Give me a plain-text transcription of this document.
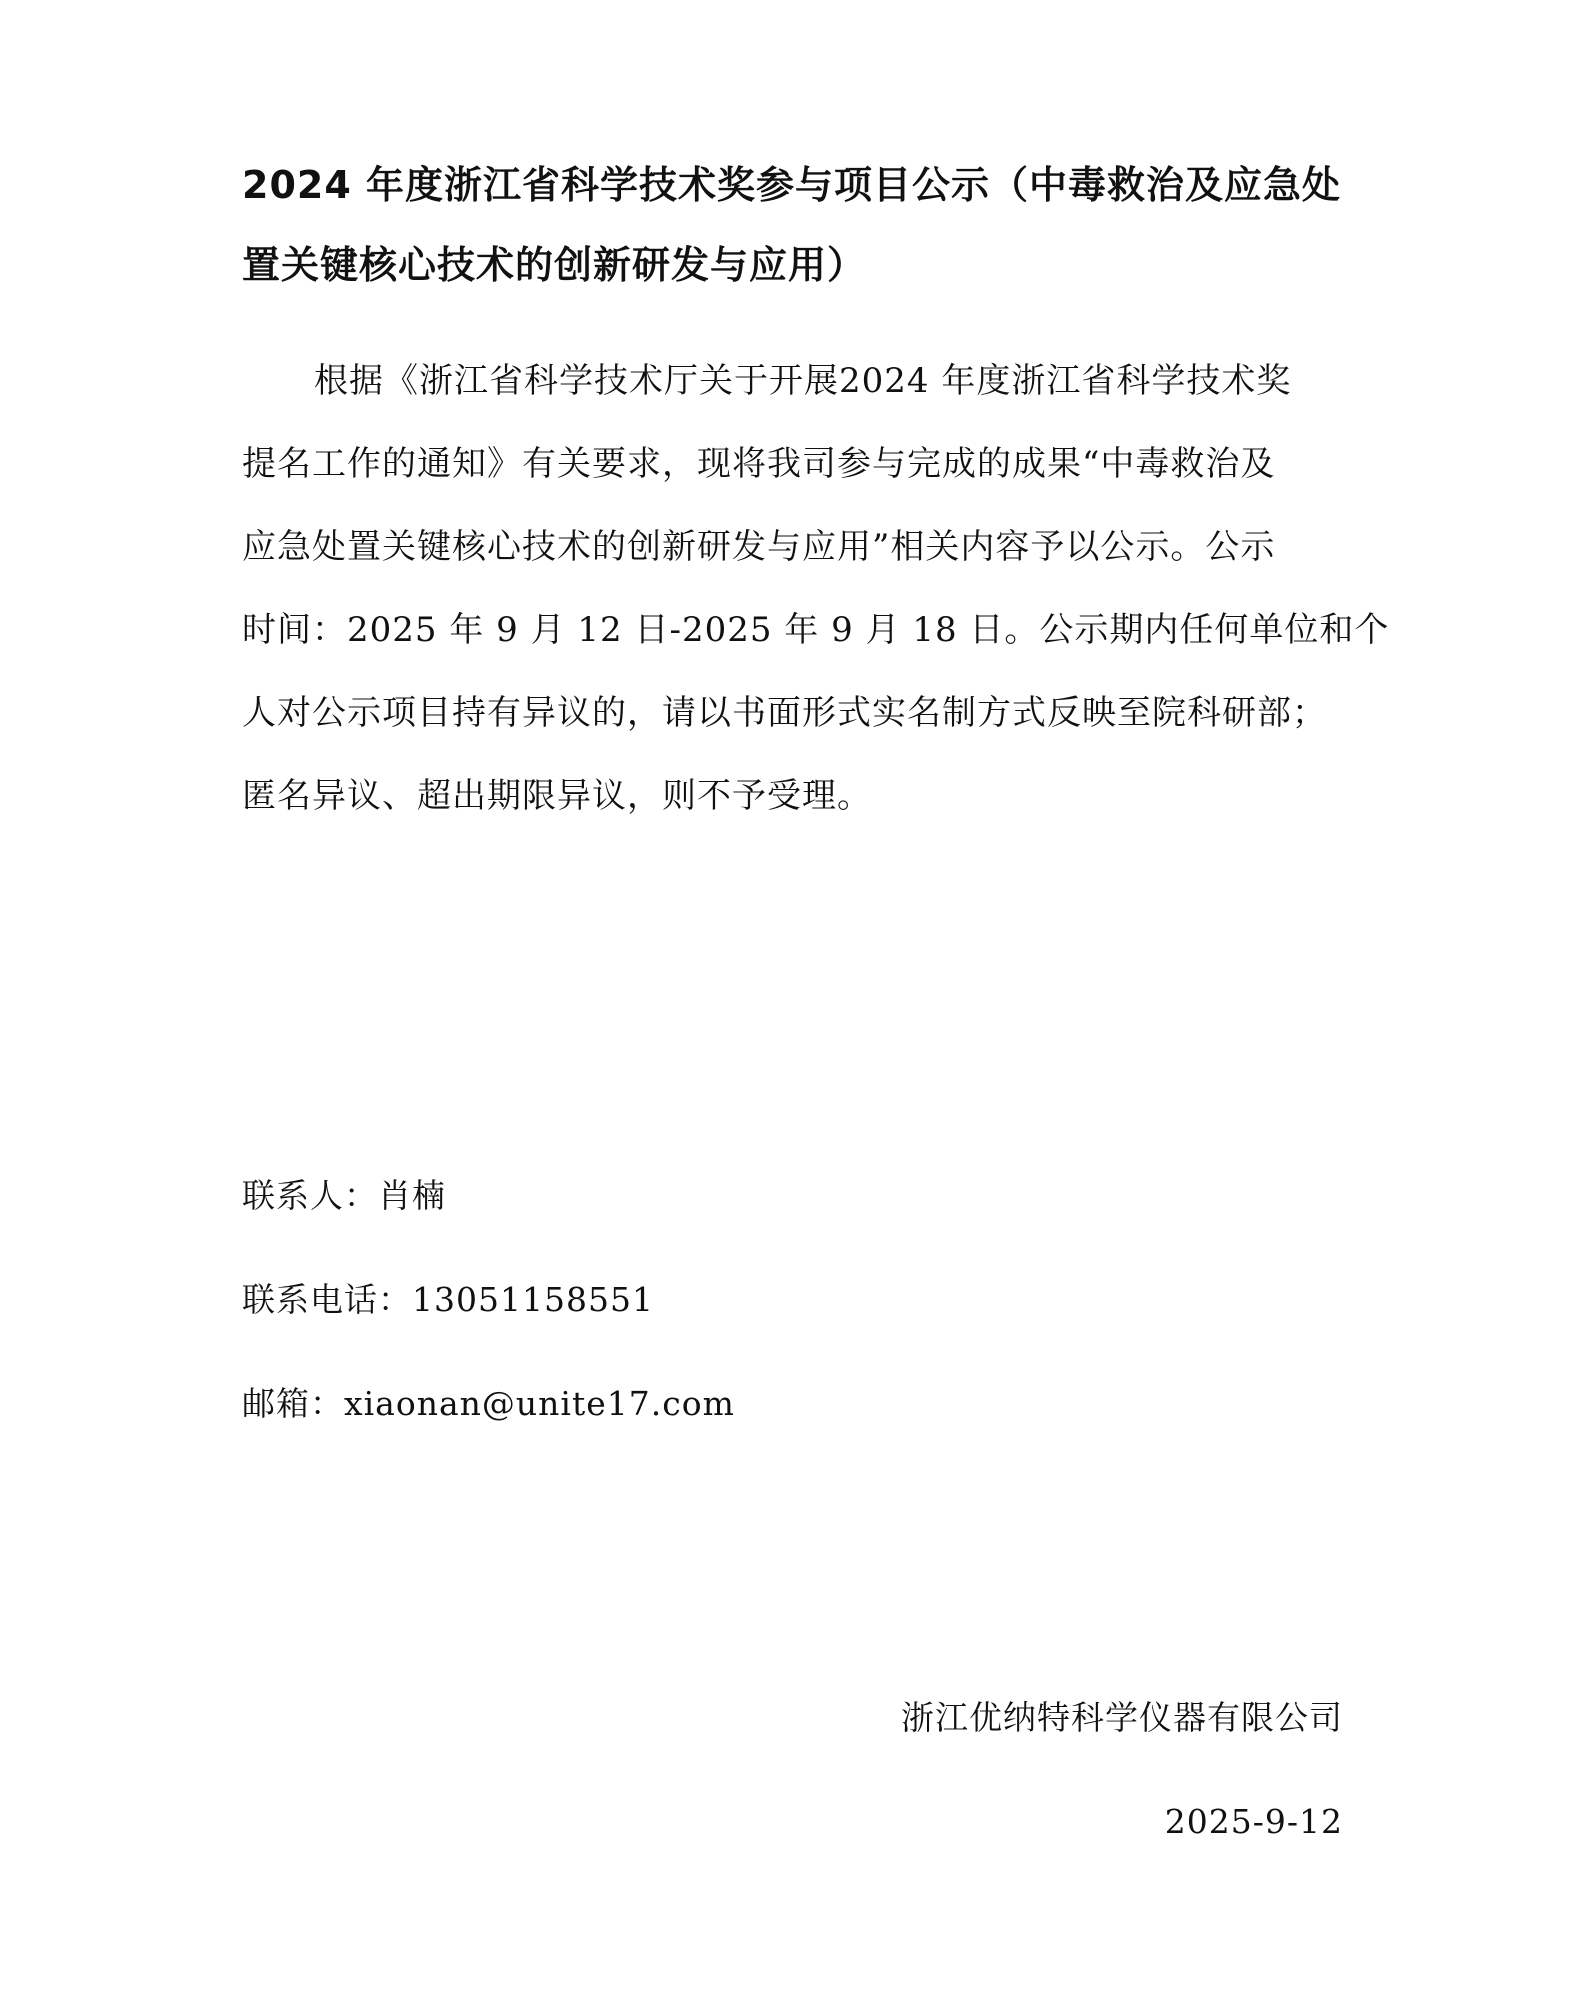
2024 年度浙江省科学技术奖参与项目公示（中毒救治及应急处
置关键核心技术的创新研发与应用）
根据《浙江省科学技术厅关于开展2024 年度浙江省科学技术奖
提名工作的通知》有关要求，现将我司参与完成的成果“中毒救治及
应急处置关键核心技术的创新研发与应用”相关内容予以公示。公示
时间：2025 年 9 月 12 日-2025 年 9 月 18 日。公示期内任何单位和个
人对公示项目持有异议的，请以书面形式实名制方式反映至院科研部；
匿名异议、超出期限异议，则不予受理。
联系人：肖楠
联系电话：13051158551
邮箱：xiaonan@unite17.com
浙江优纳特科学仪器有限公司
2025-9-12
